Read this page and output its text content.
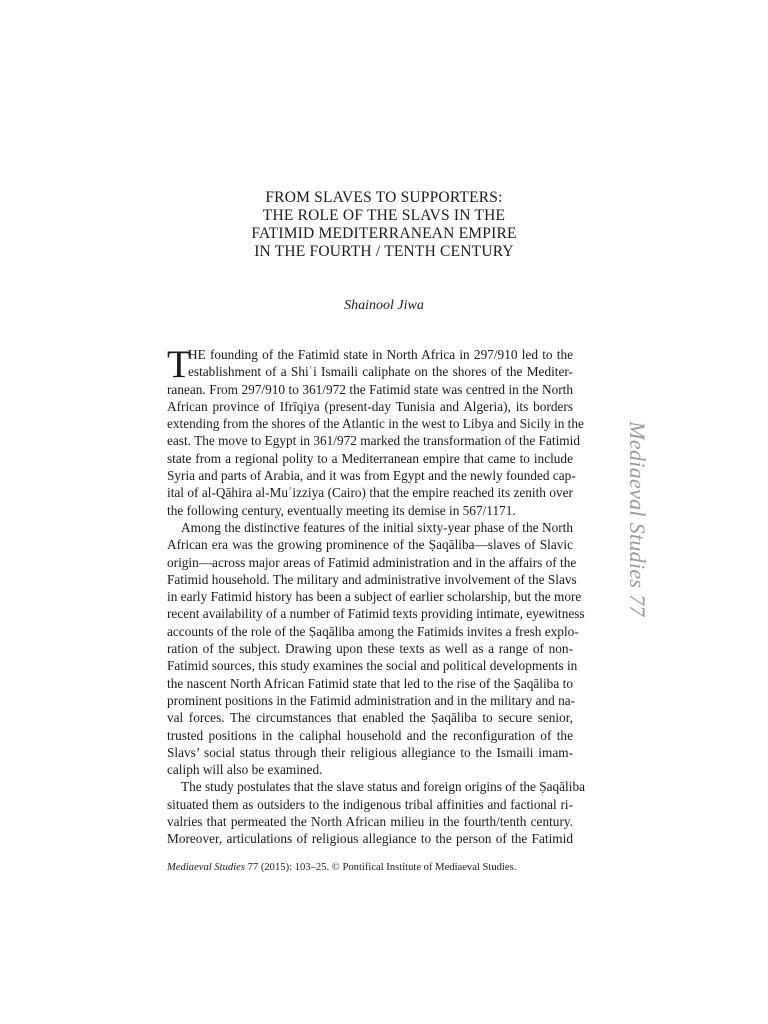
FROM SLAVES TO SUPPORTERS:
THE ROLE OF THE SLAVS IN THE
FATIMID MEDITERRANEAN EMPIRE
IN THE FOURTH / TENTH CENTURY
Shainool Jiwa
T
HE founding of the Fatimid state in North Africa in 297/910 led to the
establishment of a Shiʿi Ismaili caliphate on the shores of the Mediter-
ranean. From 297/910 to 361/972 the Fatimid state was centred in the North
African province of Ifrīqiya (present-day Tunisia and Algeria), its borders
extending from the shores of the Atlantic in the west to Libya and Sicily in the
east. The move to Egypt in 361/972 marked the transformation of the Fatimid
state from a regional polity to a Mediterranean empire that came to include
Syria and parts of Arabia, and it was from Egypt and the newly founded cap-
ital of al-Qāhira al-Muʿizziya (Cairo) that the empire reached its zenith over
the following century, eventually meeting its demise in 567/1171.
Among the distinctive features of the initial sixty-year phase of the North
African era was the growing prominence of the Ṣaqāliba—slaves of Slavic
origin—across major areas of Fatimid administration and in the affairs of the
Fatimid household. The military and administrative involvement of the Slavs
in early Fatimid history has been a subject of earlier scholarship, but the more
recent availability of a number of Fatimid texts providing intimate, eyewitness
accounts of the role of the Ṣaqāliba among the Fatimids invites a fresh explo-
ration of the subject. Drawing upon these texts as well as a range of non-
Fatimid sources, this study examines the social and political developments in
the nascent North African Fatimid state that led to the rise of the Ṣaqāliba to
prominent positions in the Fatimid administration and in the military and na-
val forces. The circumstances that enabled the Ṣaqāliba to secure senior,
trusted positions in the caliphal household and the reconfiguration of the
Slavs’ social status through their religious allegiance to the Ismaili imam-
caliph will also be examined.
The study postulates that the slave status and foreign origins of the Ṣaqāliba
situated them as outsiders to the indigenous tribal affinities and factional ri-
valries that permeated the North African milieu in the fourth/tenth century.
Moreover, articulations of religious allegiance to the person of the Fatimid
Mediaeval Studies 77
Mediaeval Studies 77 (2015): 103–25. © Pontifical Institute of Mediaeval Studies.
